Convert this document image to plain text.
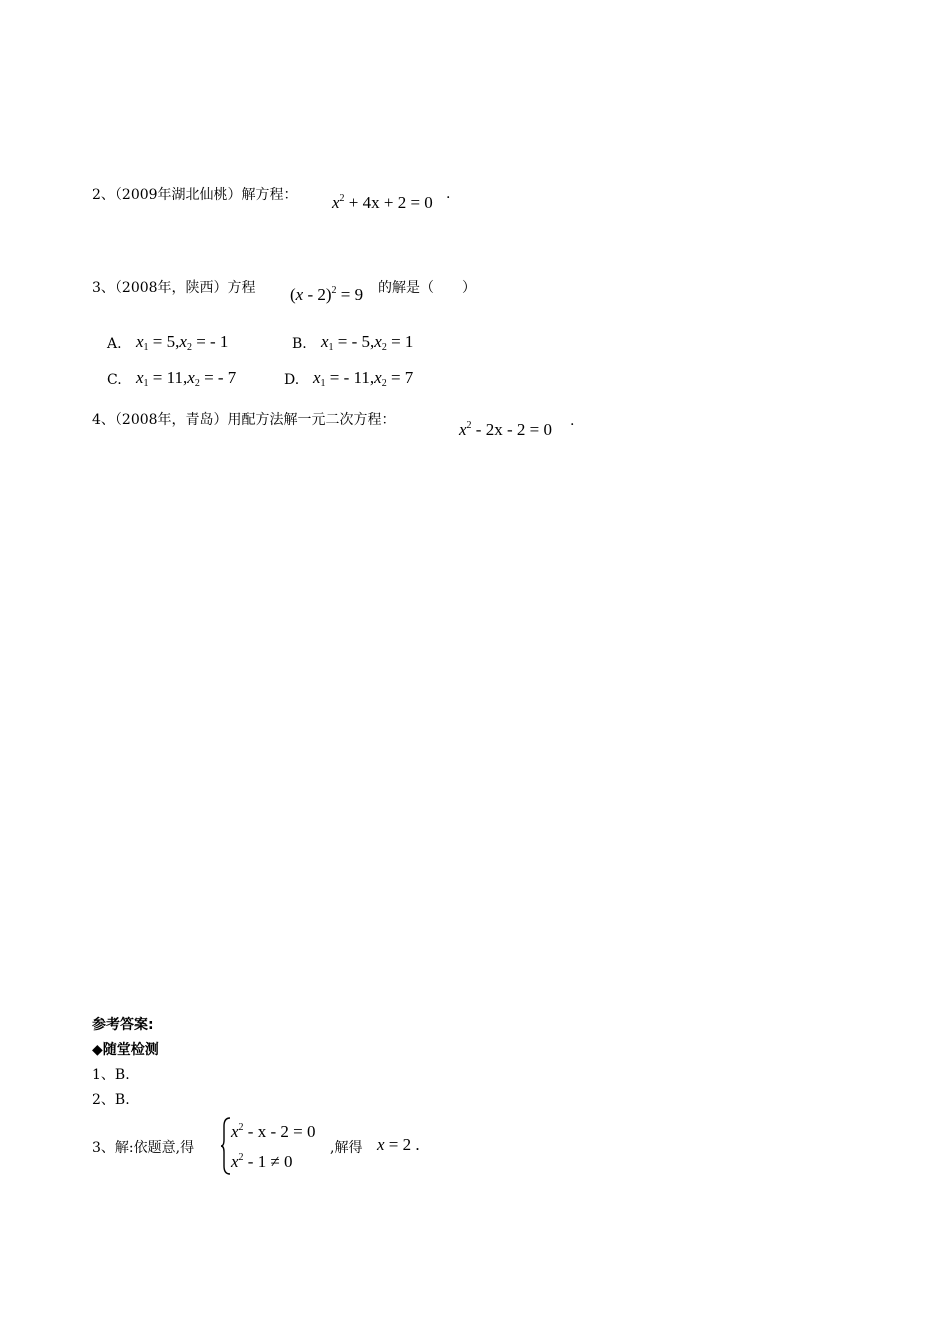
2、（2009年湖北仙桃）解方程： $x^2 + 4x + 2 = 0$ .
3、（2008年，陕西）方程 (x - 2)$^2$ = 9 的解是（　　）
A. $x_1 = 5,x_2$ = - 1	B. $x_1$ = - $5,x_2 = 1$
C. $x_1 = 11,x_2$ = - 7	D. $x_1$ = - $11,x_2 = 7$
4、（2008年，青岛）用配方法解一元二次方程：	$x^2 - 2x - 2 = 0$ .
参考答案:
◆随堂检测
1、B.
2、B.
3、解:依题意,得
$x^2 - x - 2 = 0$
$x^2 - 1 \ne 0$
,解得 x = 2 .
